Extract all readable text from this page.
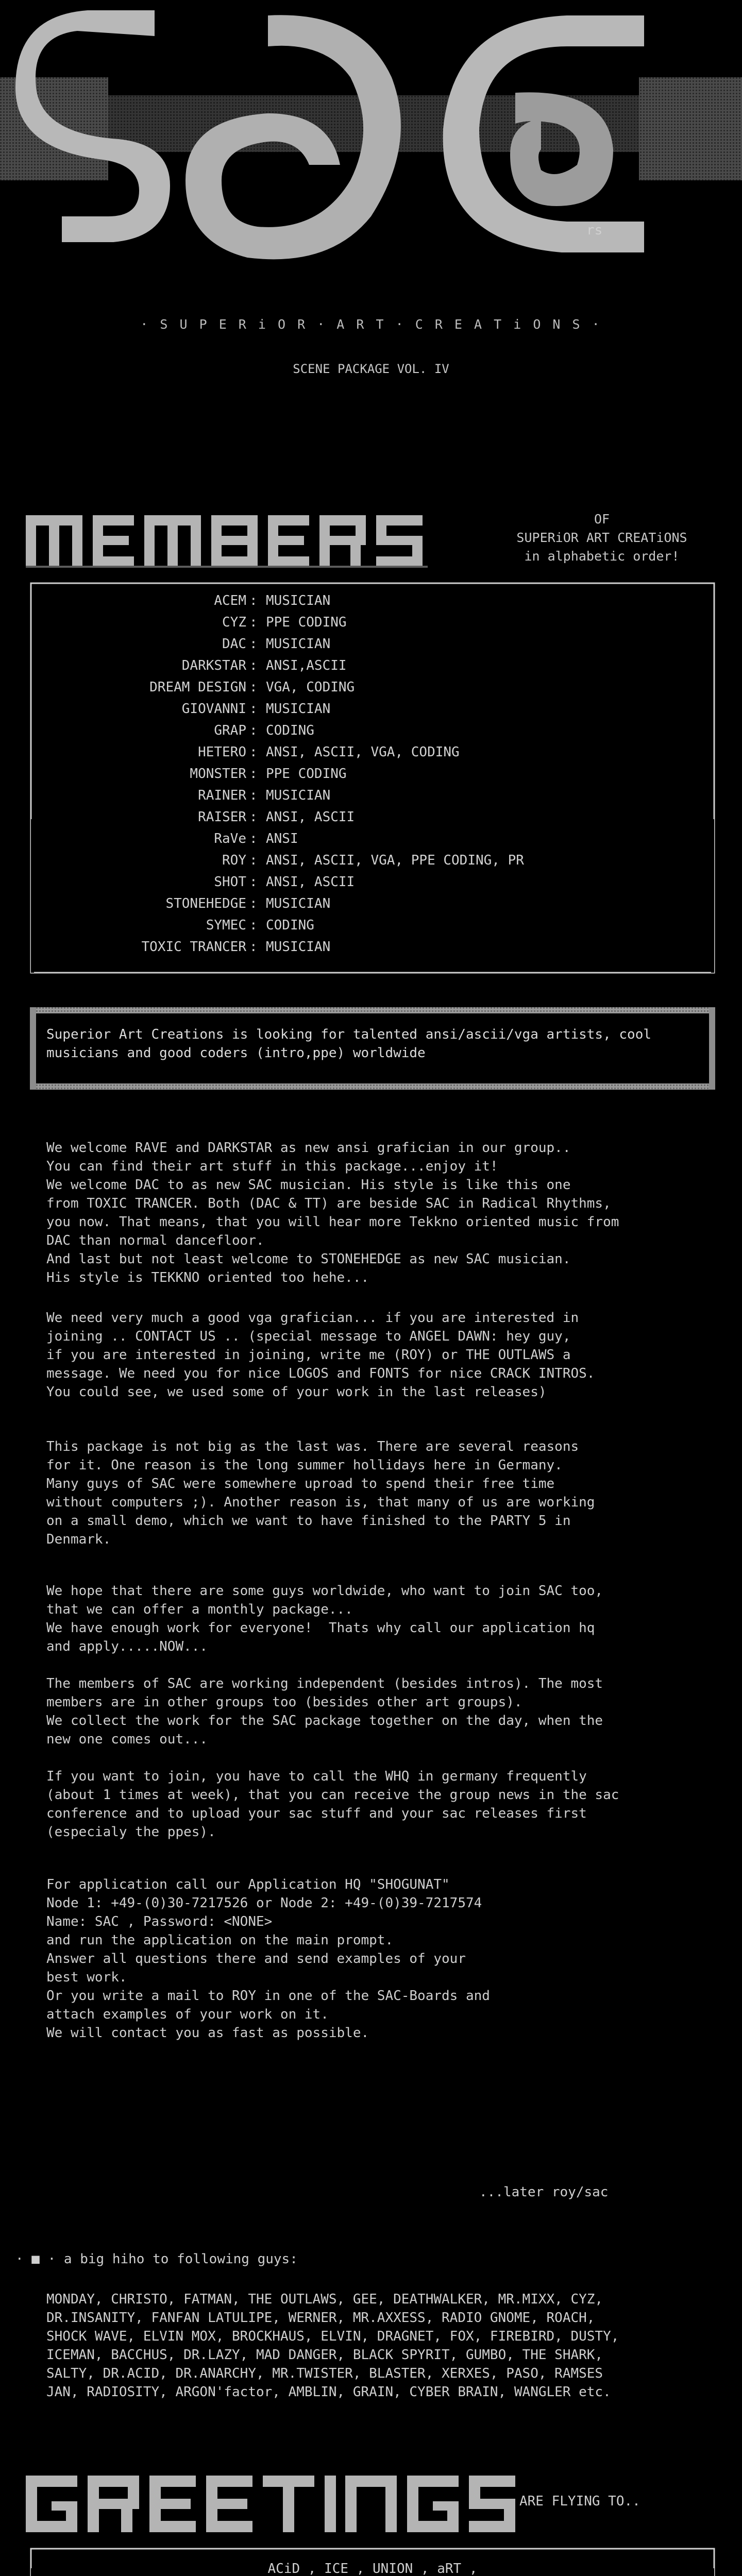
rs
· S U P E R i O R · A R T · C R E A T i O N S ·
SCENE PACKAGE VOL. IV
OF
SUPERiOR ART CREATiONS
in alphabetic order!
ACEM : MUSICIAN
CYZ : PPE CODING
DAC : MUSICIAN
DARKSTAR : ANSI,ASCII
DREAM DESIGN : VGA, CODING
GIOVANNI : MUSICIAN
GRAP : CODING
HETERO : ANSI, ASCII, VGA, CODING
MONSTER : PPE CODING
RAINER : MUSICIAN
RAISER : ANSI, ASCII
RaVe : ANSI
ROY : ANSI, ASCII, VGA, PPE CODING, PR
SHOT : ANSI, ASCII
STONEHEDGE : MUSICIAN
SYMEC : CODING
TOXIC TRANCER : MUSICIAN
Superior Art Creations is looking for talented ansi/ascii/vga artists, cool musicians and good coders (intro,ppe) worldwide
We welcome RAVE and DARKSTAR as new ansi grafician in our group..
You can find their art stuff in this package...enjoy it!
We welcome DAC to as new SAC musician. His style is like this one
from TOXIC TRANCER. Both (DAC & TT) are beside SAC in Radical Rhythms,
you now. That means, that you will hear more Tekkno oriented music from
DAC than normal dancefloor.
And last but not least welcome to STONEHEDGE as new SAC musician.
His style is TEKKNO oriented too hehe...
We need very much a good vga grafician... if you are interested in
joining .. CONTACT US .. (special message to ANGEL DAWN: hey guy,
if you are interested in joining, write me (ROY) or THE OUTLAWS a
message. We need you for nice LOGOS and FONTS for nice CRACK INTROS.
You could see, we used some of your work in the last releases)
This package is not big as the last was. There are several reasons
for it. One reason is the long summer hollidays here in Germany.
Many guys of SAC were somewhere uproad to spend their free time
without computers ;). Another reason is, that many of us are working
on a small demo, which we want to have finished to the PARTY 5 in
Denmark.
We hope that there are some guys worldwide, who want to join SAC too,
that we can offer a monthly package...
We have enough work for everyone!  Thats why call our application hq
and apply.....NOW...
The members of SAC are working independent (besides intros). The most
members are in other groups too (besides other art groups).
We collect the work for the SAC package together on the day, when the
new one comes out...
If you want to join, you have to call the WHQ in germany frequently
(about 1 times at week), that you can receive the group news in the sac
conference and to upload your sac stuff and your sac releases first
(especialy the ppes).
For application call our Application HQ "SHOGUNAT"
Node 1: +49-(0)30-7217526 or Node 2: +49-(0)39-7217574
Name: SAC , Password: <NONE>
and run the application on the main prompt.
Answer all questions there and send examples of your
best work.
Or you write a mail to ROY in one of the SAC-Boards and
attach examples of your work on it.
We will contact you as fast as possible.
...later roy/sac
· ■ · a big hiho to following guys:
MONDAY, CHRISTO, FATMAN, THE OUTLAWS, GEE, DEATHWALKER, MR.MIXX, CYZ,
DR.INSANITY, FANFAN LATULIPE, WERNER, MR.AXXESS, RADIO GNOME, ROACH,
SHOCK WAVE, ELVIN MOX, BROCKHAUS, ELVIN, DRAGNET, FOX, FIREBIRD, DUSTY,
ICEMAN, BACCHUS, DR.LAZY, MAD DANGER, BLACK SPYRIT, GUMBO, THE SHARK,
SALTY, DR.ACID, DR.ANARCHY, MR.TWISTER, BLASTER, XERXES, PASO, RAMSES
JAN, RADIOSITY, ARGON'factor, AMBLIN, GRAIN, CYBER BRAIN, WANGLER etc.
ARE FLYING TO..
ACiD , ICE , UNION , aRT ,
